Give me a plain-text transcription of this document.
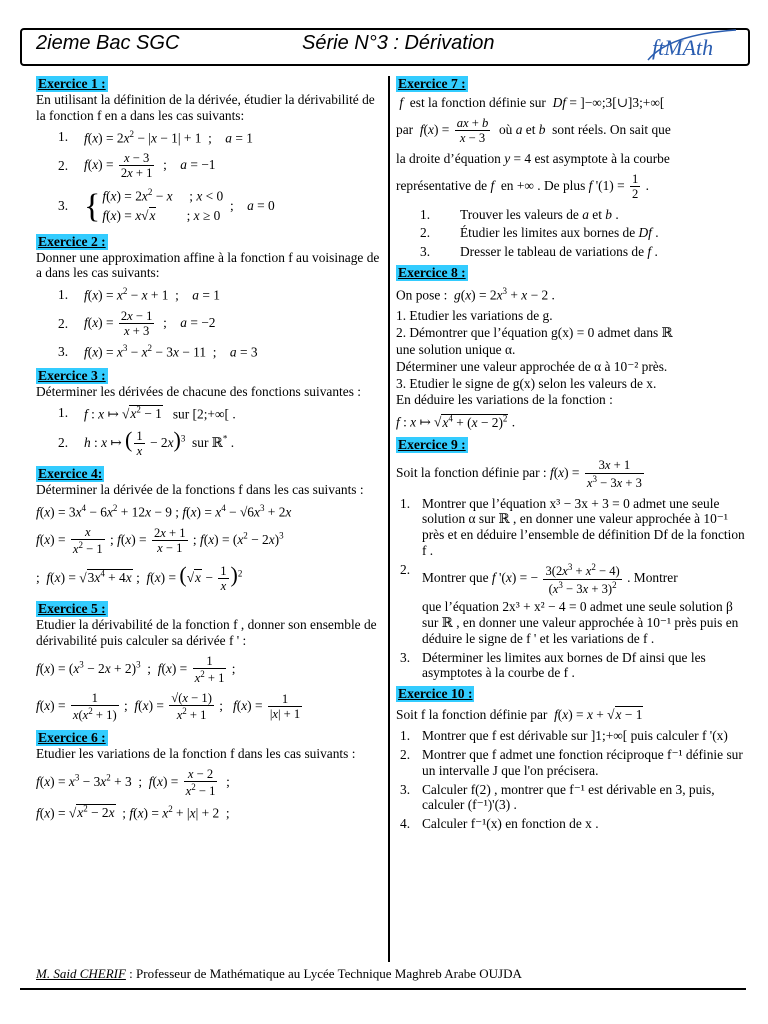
2ieme Bac SGC	Série N°3 : Dérivation	ftMAth
Exercice 1 :

En utilisant la définition de la dérivée, étudier la dérivabilité de la fonction f en a dans les cas suivants:

1.	$f(x) = 2x^2 - |x - 1| + 1$  ;    a = 1
2.	$f(x) = \frac{x - 3}{2x + 1}$ ;    a = −1
3. { $f(x) = 2x^2 - x$     ; x < 0
f(x) = x√x         ; x ≥ 0
;    a = 0
Exercice 2 :

Donner une approximation affine à la fonction f au voisinage de a dans les cas suivants:

1.	$f(x) = x^2 - x + 1$  ;    a = 1
2.	$f(x) = \frac{2x - 1}{x + 3}$ ;    a = −2
3.	$f(x) = x^3 - x^2 - 3x - 11$  ;    a = 3
Exercice 3 :

Déterminer les dérivées de chacune des fonctions suivantes :

1.	f : x ↦ $√x^2 - 1$   sur [2;+∞[ .
2.	h : x ↦ ( $\frac{1}{x} - 2x)^3$  sur ℝ* .
Exercice 4:

Déterminer la dérivée de la fonctions f dans les cas suivants :

$f(x) = 3x^4 - 6x^2 + 12x - 9$ ; $f(x) = x^4 - √6x^3 + 2x$
$f(x) = \frac{x}{x^2 - 1}$ ; $f(x) = \frac{2x + 1}{x - 1}$ ; $f(x) = (x^2 - 2x)^3$
;  $f(x) = √3x^4 + 4x$ ;  $f(x) = (√x - \frac{1}{x} )^2$
Exercice 5 :

Etudier la dérivabilité de la fonction f , donner son ensemble de dérivabilité puis calculer sa dérivée f ' :

$f(x) = (x^3 - 2x + 2)^3$  ;  $f(x) = \frac{1}{x^2 + 1}$ ;
$f(x) = \frac{1}{x(x^2 + 1)}$ ;  $f(x) = \frac{√(x - 1)}{x^2 + 1}$ ;   $f(x) = \frac{1}{|x| + 1}$
Exercice 6 :

Etudier les variations de la fonction f dans les cas suivants :

$f(x) = x^3 - 3x^2 + 3$  ;  $f(x) = \frac{x - 2}{x^2 - 1}$ ;
$f(x) = √x^2 - 2x$  ; $f(x) = x^2 + |x| + 2$  ;
Exercice 7 :
f est la fonction définie sur Df = ]−∞;3[∪]3;+∞[
par $f(x) = \frac{ax + b}{x - 3}$ où a et b  sont réels. On sait que

la droite d’équation y = 4 est asymptote à la courbe

représentative de f  en +∞ . De plus f '$(1) = \frac{1}{2}$ .
1.	Trouver les valeurs de a et b .
2.	Étudier les limites aux bornes de Df .
3.	Dresser le tableau de variations de f .
Exercice 8 :
On pose : $g(x) = 2x^3 + x - 2$ .

1. Etudier les variations de g.

2. Démontrer que l’équation g(x) = 0 admet dans ℝ

une solution unique α.

Déterminer une valeur approchée de α à 10⁻² près.

3. Etudier le signe de g(x) selon les valeurs de x.

En déduire les variations de la fonction :

f : x ↦ $√x^4 + (x - 2)^2$ .
Exercice 9 :
Soit la fonction définie par : $f(x) = \frac{3x + 1}{x^3 - 3x + 3}$
1. Montrer que l’équation x³ − 3x + 3 = 0 admet une seule solution α sur ℝ , en donner une valeur approchée à 10⁻¹ près et en déduire l’ensemble de définition Df de la fonction f .
2.
Montrer que f '(x) = − $\frac{3(2x^3 + x^2 - 4)}{(x^3 - 3x + 3)^2}$ . Montrer
que l’équation 2x³ + x² − 4 = 0 admet une seule solution β sur ℝ , en donner une valeur approchée à 10⁻¹ près puis en déduire le signe de f ' et les variations de f .
3. Déterminer les limites aux bornes de Df ainsi que les asymptotes à la courbe de f .
Exercice 10 :
Soit f la fonction définie par f(x) = x + √x − 1
1. Montrer que f est dérivable sur ]1;+∞[ puis calculer f '(x)
2. Montrer que f admet une fonction réciproque f⁻¹ définie sur un intervalle J que l'on précisera.
3. Calculer f(2) , montrer que f⁻¹ est dérivable en 3, puis, calculer (f⁻¹)'(3) .
4. Calculer f⁻¹(x) en fonction de x .
M. Said CHERIF : Professeur de Mathématique au Lycée Technique Maghreb Arabe OUJDA
